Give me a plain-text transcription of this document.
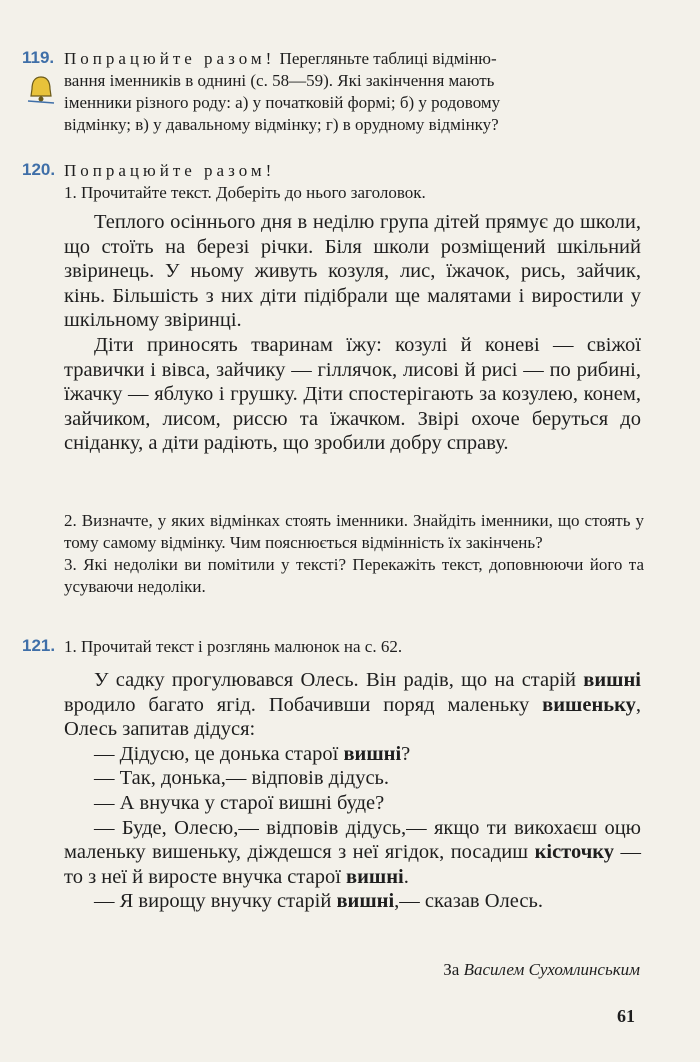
119. Попрацюйте разом! Перегляньте таблиці відміню-

вання іменників в однині (с. 58—59). Які закінчення мають

іменники різного роду: а) у початковій формі; б) у родовому

відмінку; в) у давальному відмінку; г) в орудному відмінку?

120. Попрацюйте разом!

1. Прочитайте текст. Доберіть до нього заголовок.

Теплого осіннього дня в неділю група дітей прямує до школи, що стоїть на березі річки. Біля школи розміщений шкільний звіринець. У ньому живуть козуля, лис, їжачок, рись, зайчик, кінь. Більшість з них діти підібрали ще малятами і виростили у шкільному звіринці.

Діти приносять тваринам їжу: козулі й коневі — свіжої травички і вівса, зайчику — гіллячок, лисові й рисі — по рибині, їжачку — яблуко і грушку. Діти спостерігають за козулею, конем, зайчиком, лисом, риссю та їжачком. Звірі охоче беруться до сніданку, а діти радіють, що зробили добру справу.

2. Визначте, у яких відмінках стоять іменники. Знайдіть іменники, що стоять у тому самому відмінку. Чим пояснюється відмінність їх закінчень?

3. Які недоліки ви помітили у тексті? Перекажіть текст, доповнюючи його та усуваючи недоліки.

121. 1. Прочитай текст і розглянь малюнок на с. 62.

У садку прогулювався Олесь. Він радів, що на старій вишні вродило багато ягід. Побачивши поряд маленьку вишеньку, Олесь запитав дідуся:

— Дідусю, це донька старої вишні?

— Так, донька,— відповів дідусь.

— А внучка у старої вишні буде?

— Буде, Олесю,— відповів дідусь,— якщо ти викохаєш оцю маленьку вишеньку, діждешся з неї ягідок, посадиш кісточку — то з неї й виросте внучка старої вишні.

— Я вирощу внучку старій вишні,— сказав Олесь.

За Василем Сухомлинським
61
